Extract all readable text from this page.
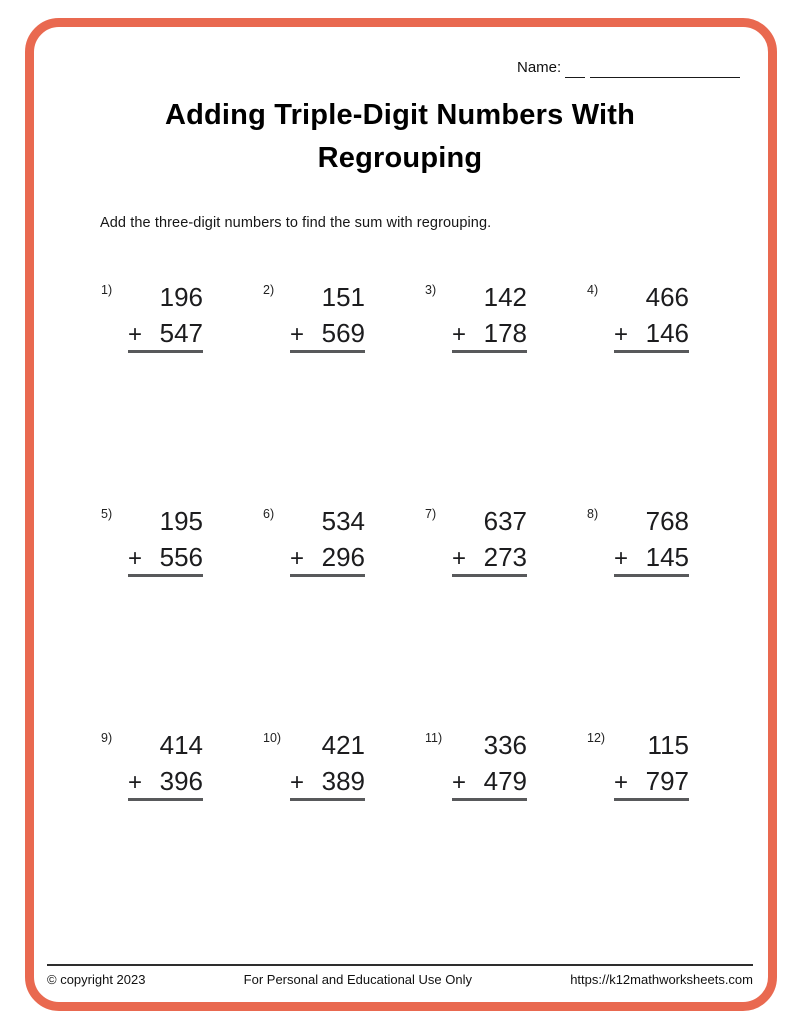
Name:
Adding Triple-Digit Numbers With Regrouping

Add the three-digit numbers to find the sum with regrouping.

1)	196
+ 547
2)	151
+ 569
3)	142
+ 178
4)	466
+ 146
5)	195
+ 556
6)	534
+ 296
7)	637
+ 273
8)	768
+ 145
9)	414
+ 396
10)	421
+ 389
11)	336
+ 479
12)	115
+ 797
© copyright 2023	For Personal and Educational Use Only	https://k12mathworksheets.com
